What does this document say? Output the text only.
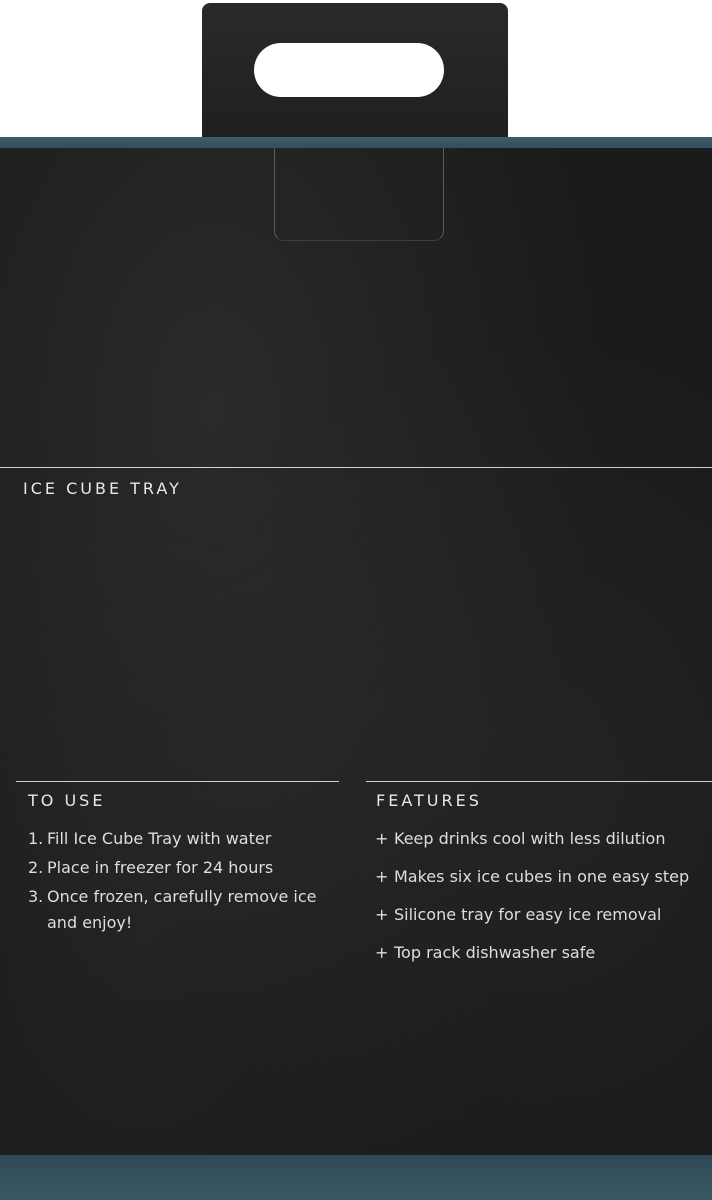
ICE CUBE TRAY
TO USE
1. Fill Ice Cube Tray with water
2. Place in freezer for 24 hours
3. Once frozen, carefully remove ice and enjoy!
FEATURES
+ Keep drinks cool with less dilution
+ Makes six ice cubes in one easy step
+ Silicone tray for easy ice removal
+ Top rack dishwasher safe
